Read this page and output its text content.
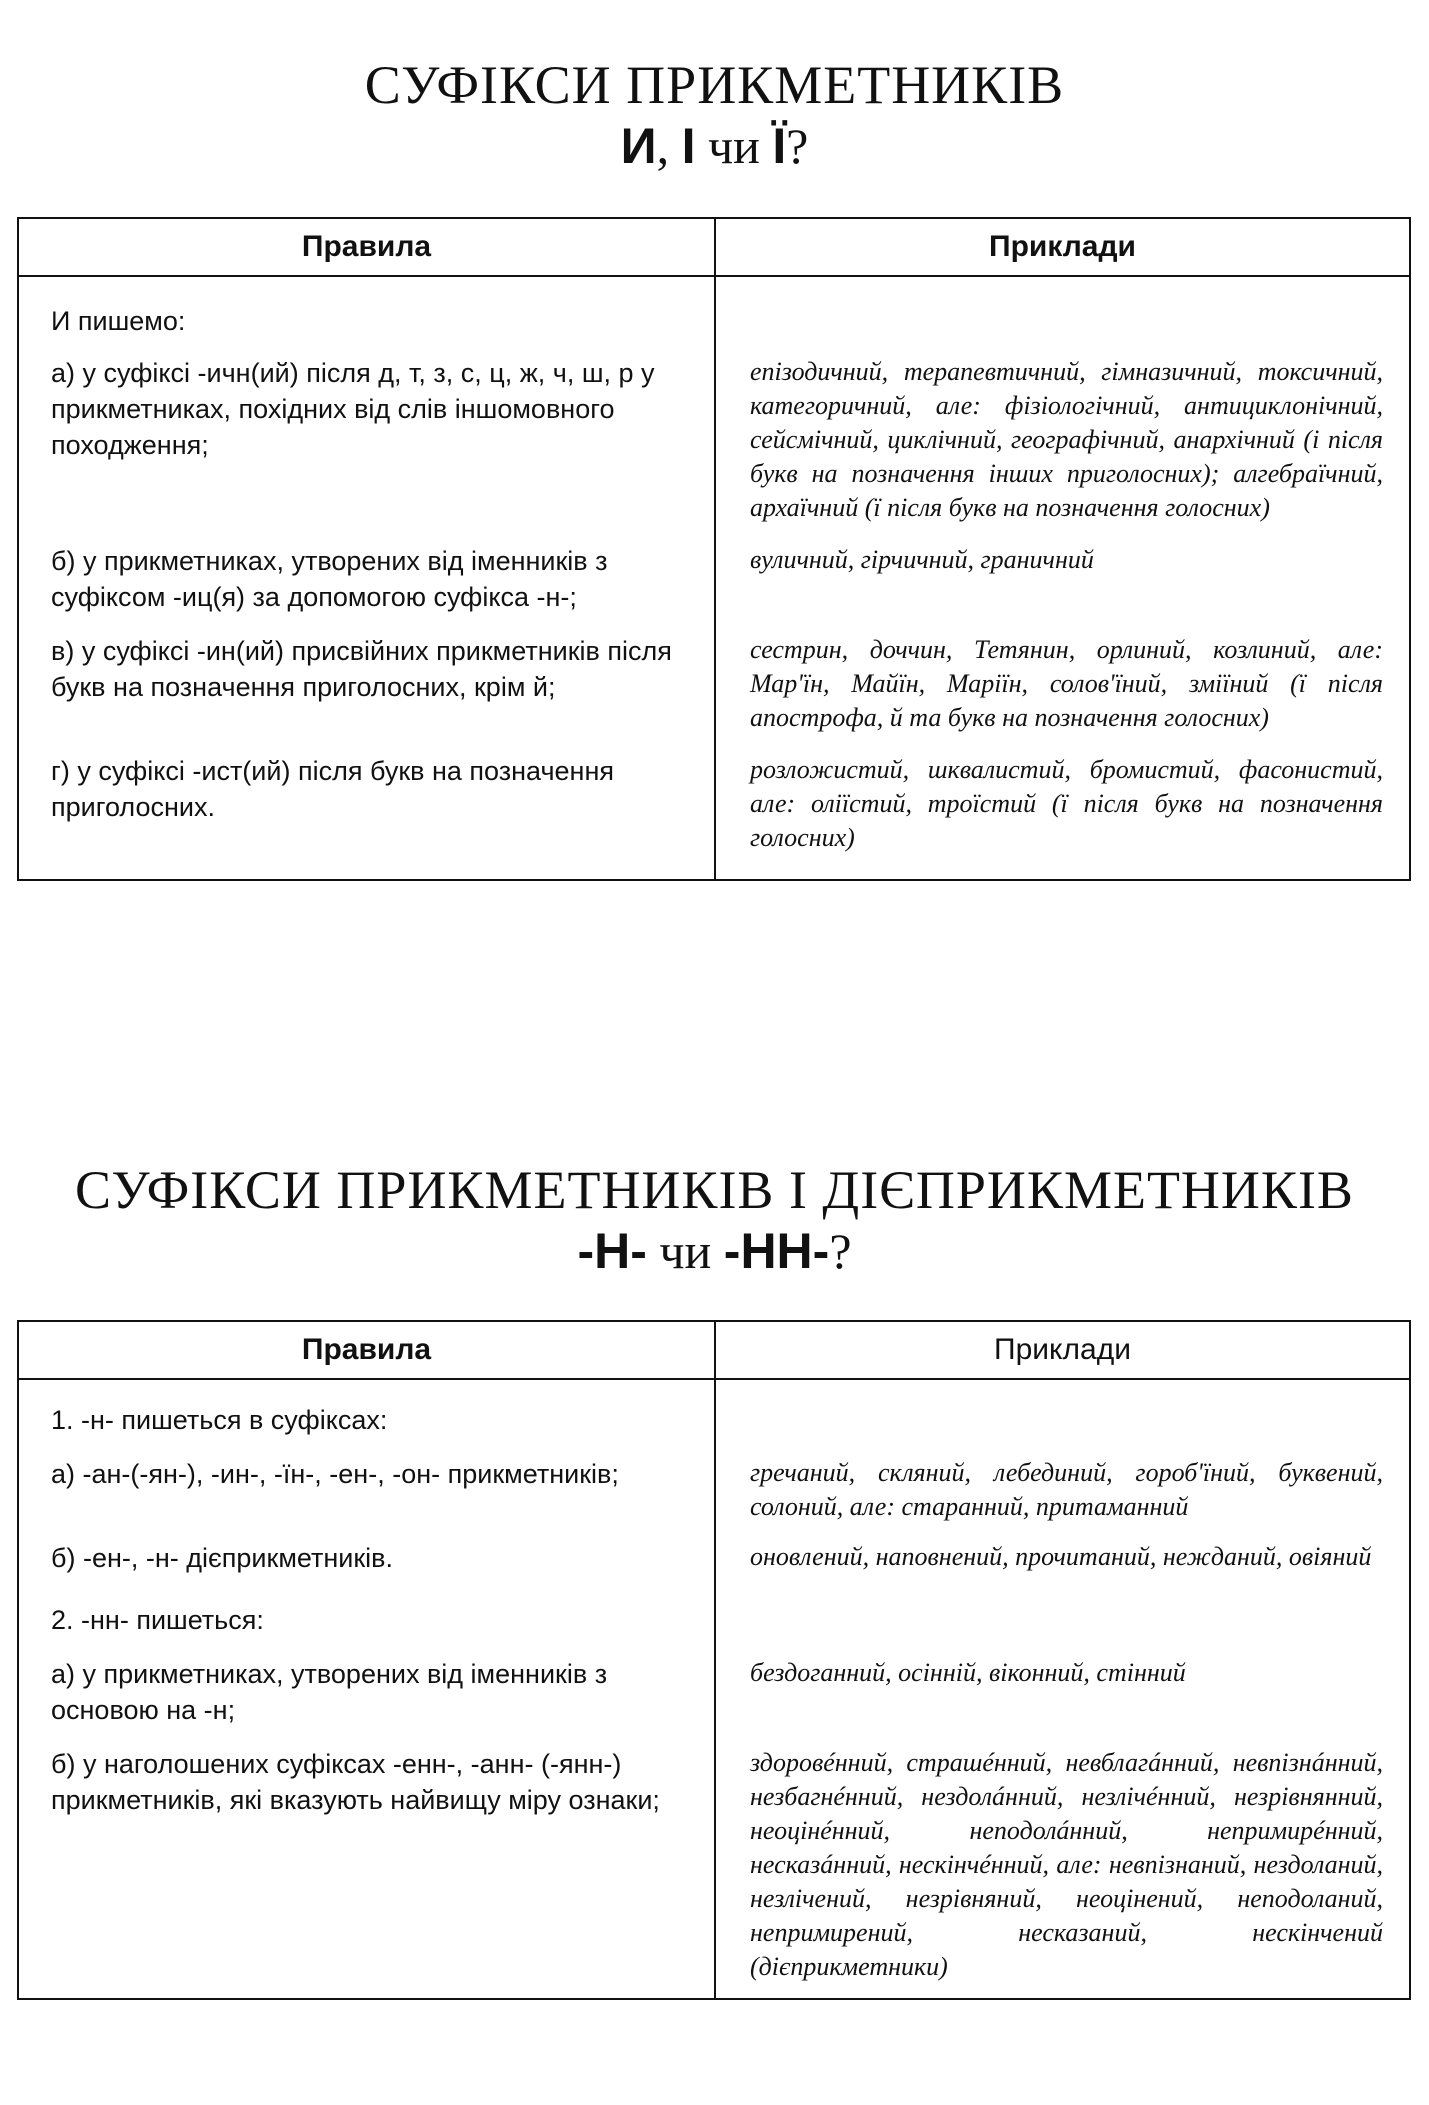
СУФІКСИ ПРИКМЕТНИКІВ

И, І чи Ї?

Правила	Приклади

И пишемо:	

а) у суфіксі -ичн(ий) після д, т, з, с, ц, ж, ч, ш, р у прикметниках, похідних від слів іншомовного походження;	епізодичний, терапевтичний, гімназичний, токсичний, категоричний, але: фізіологічний, антициклонічний, сейсмічний, циклічний, географічний, анархічний (і після букв на позначення інших приголосних); алгебраїчний, архаїчний (ї після букв на позначення голосних)

б) у прикметниках, утворених від іменників з суфіксом -иц(я) за допомогою суфікса -н-;	вуличний, гірчичний, граничний

в) у суфіксі -ин(ий) присвійних прикметників після букв на позначення приголосних, крім й;	сестрин, доччин, Тетянин, орлиний, козлиний, але: Мар'їн, Майїн, Маріїн, солов'їний, зміїний (ї після апострофа, й та букв на позначення голосних)

г) у суфіксі -ист(ий) після букв на позначення приголосних.	розложистий, шквалистий, бромистий, фасонистий, але: оліїстий, троїстий (ї після букв на позначення голосних)

СУФІКСИ ПРИКМЕТНИКІВ І ДІЄПРИКМЕТНИКІВ

-Н- чи -НН-?

Правила	Приклади

1. -н- пишеться в суфіксах:	

а) -ан-(-ян-), -ин-, -їн-, -ен-, -он- прикметників;	гречаний, скляний, лебединий, гороб'їний, буквений, солоний, але: старанний, притаманний

б) -ен-, -н- дієприкметників.	оновлений, наповнений, прочитаний, нежданий, овіяний

2. -нн- пишеться:	

а) у прикметниках, утворених від іменників з основою на -н;	бездоганний, осінній, віконний, стінний

б) у наголошених суфіксах -енн-, -анн- (-янн-) прикметників, які вказують найвищу міру ознаки;	здоровéнний, страшéнний, невблагáнний, невпізнáнний, незбагнéнний, нездолáнний, незлічéнний, незрівнянний, неоцінéнний, неподолáнний, непримирéнний, несказáнний, нескінчéнний, але: невпізнаний, нездоланий, незлічений, незрівняний, неоцінений, неподоланий, непримирений, несказаний, нескінчений (дієприкметники)
